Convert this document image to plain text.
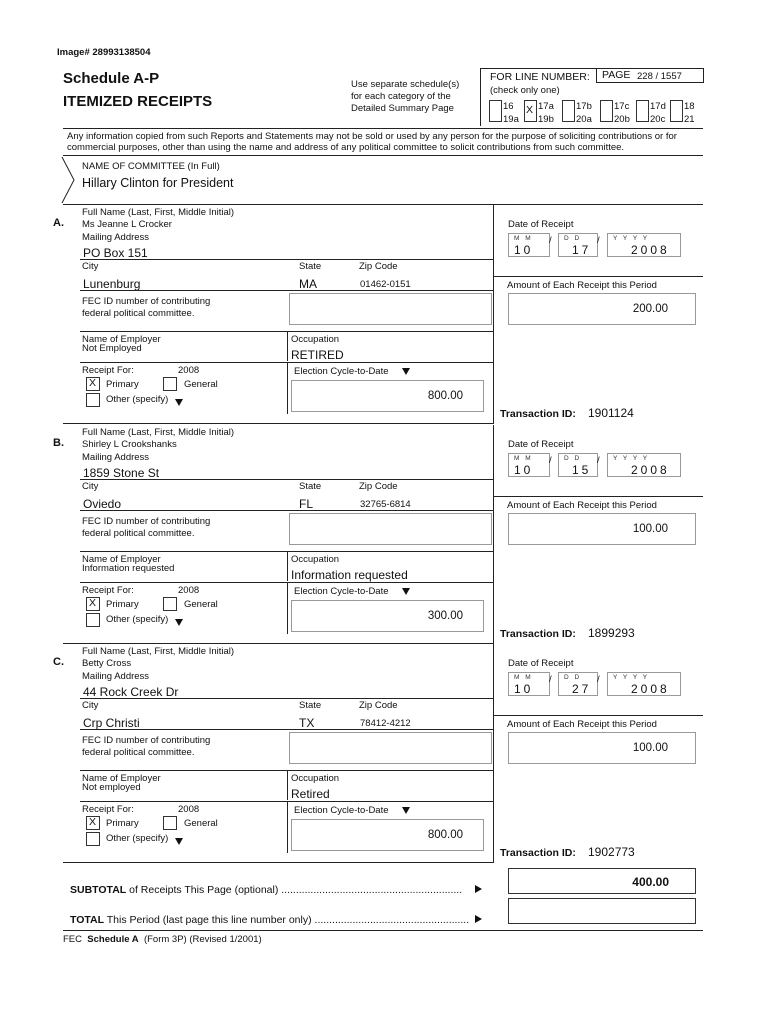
Image# 28993138504
Schedule A-P
ITEMIZED RECEIPTS
Use separate schedule(s)
for each category of the
Detailed Summary Page
FOR LINE NUMBER: PAGE 228 / 1557
(check only one)
16
19a
X 17a
19b
17b
20a
17c
20b
17d
20c
18
21
Any information copied from such Reports and Statements may not be sold or used by any person for the purpose of soliciting contributions or for commercial purposes, other than using the name and address of any political committee to solicit contributions from such committee.
NAME OF COMMITTEE (In Full)
Hillary Clinton for President
A.
Full Name (Last, First, Middle Initial)
Ms Jeanne L Crocker
Mailing Address
PO Box 151
City	State	Zip Code
Lunenburg	MA	01462-0151
FEC ID number of contributing
federal political committee.
Name of Employer
Not Employed
Occupation
RETIRED
Receipt For:	2008
X Primary	General
Other (specify)
Election Cycle-to-Date
800.00
Date of Receipt
M M
10
/ D D
17
/ Y Y Y Y
2008
Amount of Each Receipt this Period
200.00
Transaction ID: 1901124
B.
Full Name (Last, First, Middle Initial)
Shirley L Crookshanks
Mailing Address
1859 Stone St
City	State	Zip Code
Oviedo	FL	32765-6814
FEC ID number of contributing
federal political committee.
Name of Employer
Information requested
Occupation
Information requested
Receipt For:	2008
X Primary	General
Other (specify)
Election Cycle-to-Date
300.00
Date of Receipt
M M
10
/ D D
15
/ Y Y Y Y
2008
Amount of Each Receipt this Period
100.00
Transaction ID: 1899293
C.
Full Name (Last, First, Middle Initial)
Betty Cross
Mailing Address
44 Rock Creek Dr
City	State	Zip Code
Crp Christi	TX	78412-4212
FEC ID number of contributing
federal political committee.
Name of Employer
Not employed
Occupation
Retired
Receipt For:	2008
X Primary	General
Other (specify)
Election Cycle-to-Date
800.00
Date of Receipt
M M
10
/ D D
27
/ Y Y Y Y
2008
Amount of Each Receipt this Period
100.00
Transaction ID: 1902773
SUBTOTAL of Receipts This Page (optional) ..............................................................
400.00
TOTAL This Period (last page this line number only) .....................................................
FEC Schedule A (Form 3P) (Revised 1/2001)
